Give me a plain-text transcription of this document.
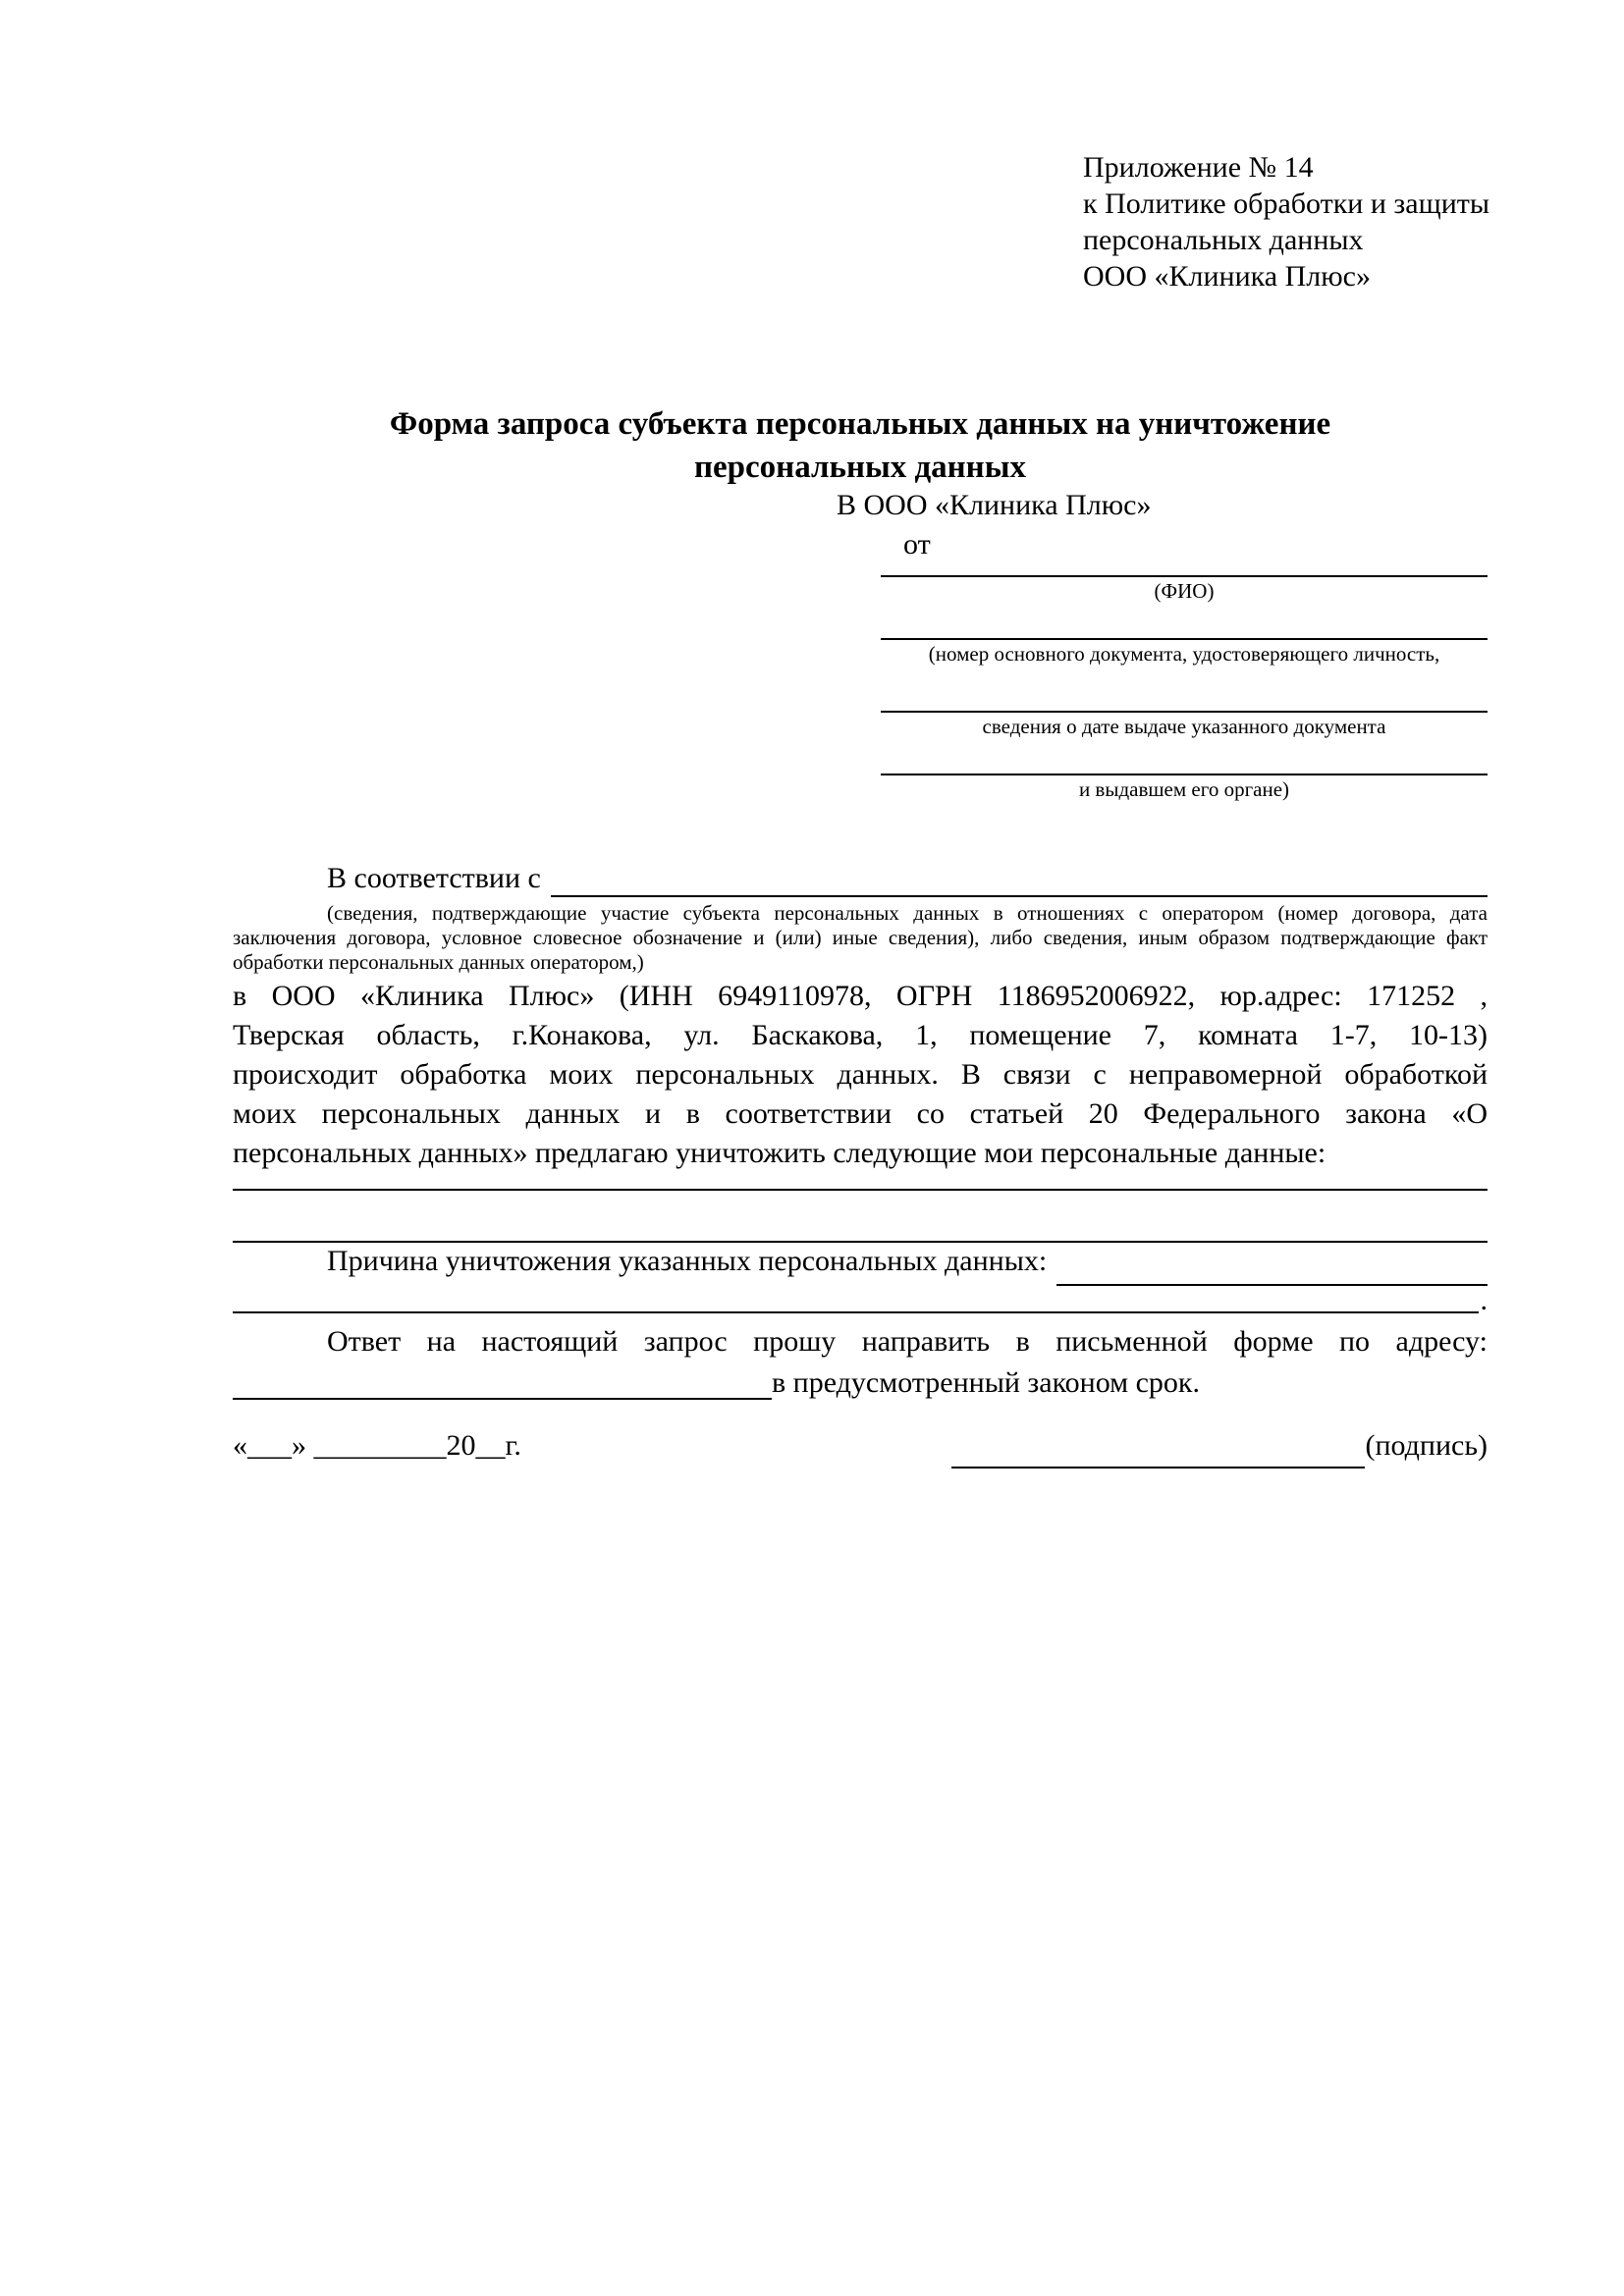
Приложение № 14
к Политике обработки и защиты
персональных данных
ООО «Клиника Плюс»
Форма запроса субъекта персональных данных на уничтожение
персональных данных
В ООО «Клиника Плюс»
от
(ФИО)
(номер основного документа, удостоверяющего личность,
сведения о дате выдаче указанного документа
и выдавшем его органе)
В соответствии с
(сведения, подтверждающие участие субъекта персональных данных в отношениях с оператором (номер договора, дата
заключения договора, условное словесное обозначение и (или) иные сведения), либо сведения, иным образом подтверждающие факт
обработки персональных данных оператором,)
в ООО «Клиника Плюс» (ИНН 6949110978, ОГРН 1186952006922, юр.адрес: 171252 ,
Тверская область, г.Конакова, ул. Баскакова, 1, помещение 7, комната 1-7, 10-13)
происходит обработка моих персональных данных. В связи с неправомерной обработкой
моих персональных данных и в соответствии со статьей 20 Федерального закона «О
персональных данных» предлагаю уничтожить следующие мои персональные данные:
Причина уничтожения указанных персональных данных:
.
Ответ на настоящий запрос прошу направить в письменной форме по адресу:
в предусмотренный законом срок.
«___» _________20__г.	(подпись)
